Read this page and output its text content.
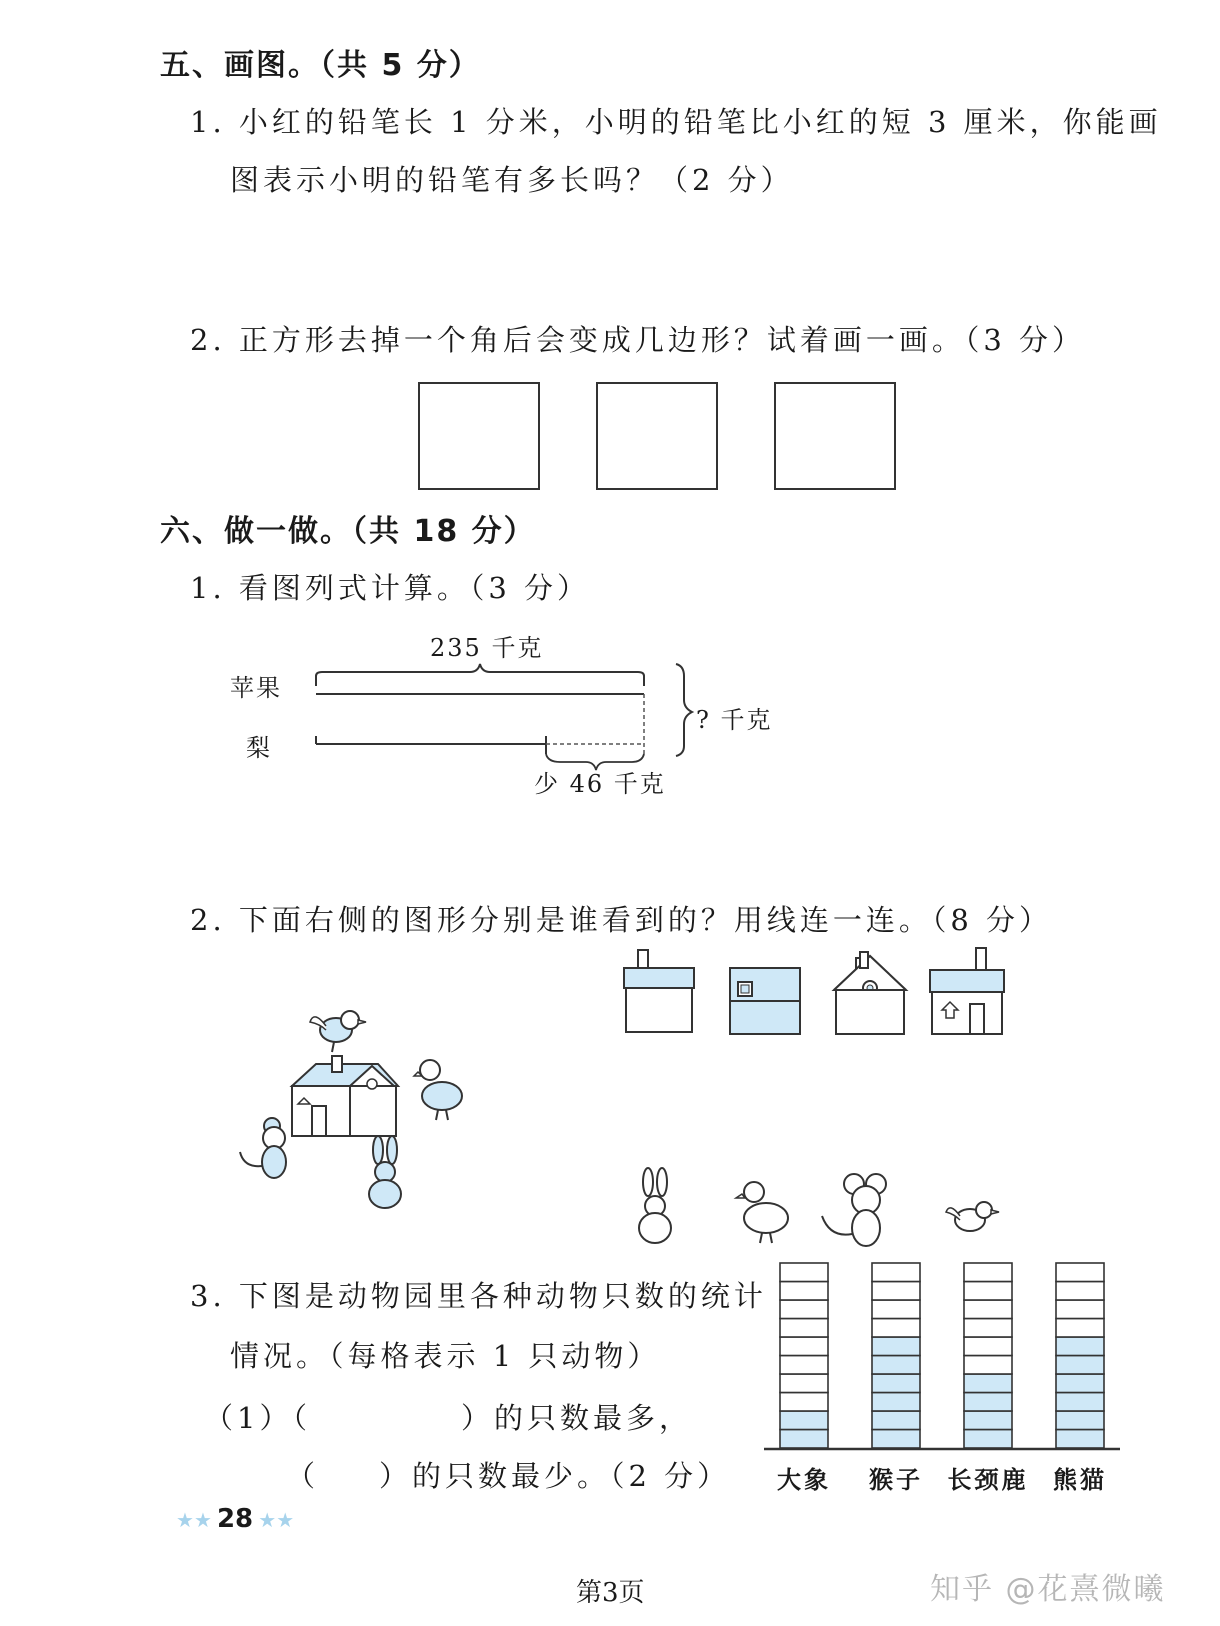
五、画图。（共 5 分）
1. 小红的铅笔长 1 分米，小明的铅笔比小红的短 3 厘米，你能画
图表示小明的铅笔有多长吗？（2 分）
2. 正方形去掉一个角后会变成几边形？试着画一画。（3 分）
六、做一做。（共 18 分）
1. 看图列式计算。（3 分）
235 千克
苹果
梨
? 千克
少 46 千克
2. 下面右侧的图形分别是谁看到的？用线连一连。（8 分）
3. 下图是动物园里各种动物只数的统计
情况。（每格表示 1 只动物）
（1）（	）的只数最多，
（ ）的只数最少。（2 分） 大象 猴子 长颈鹿 熊猫
★★ 28 ★★
第3页	知乎 @花熹微曦
